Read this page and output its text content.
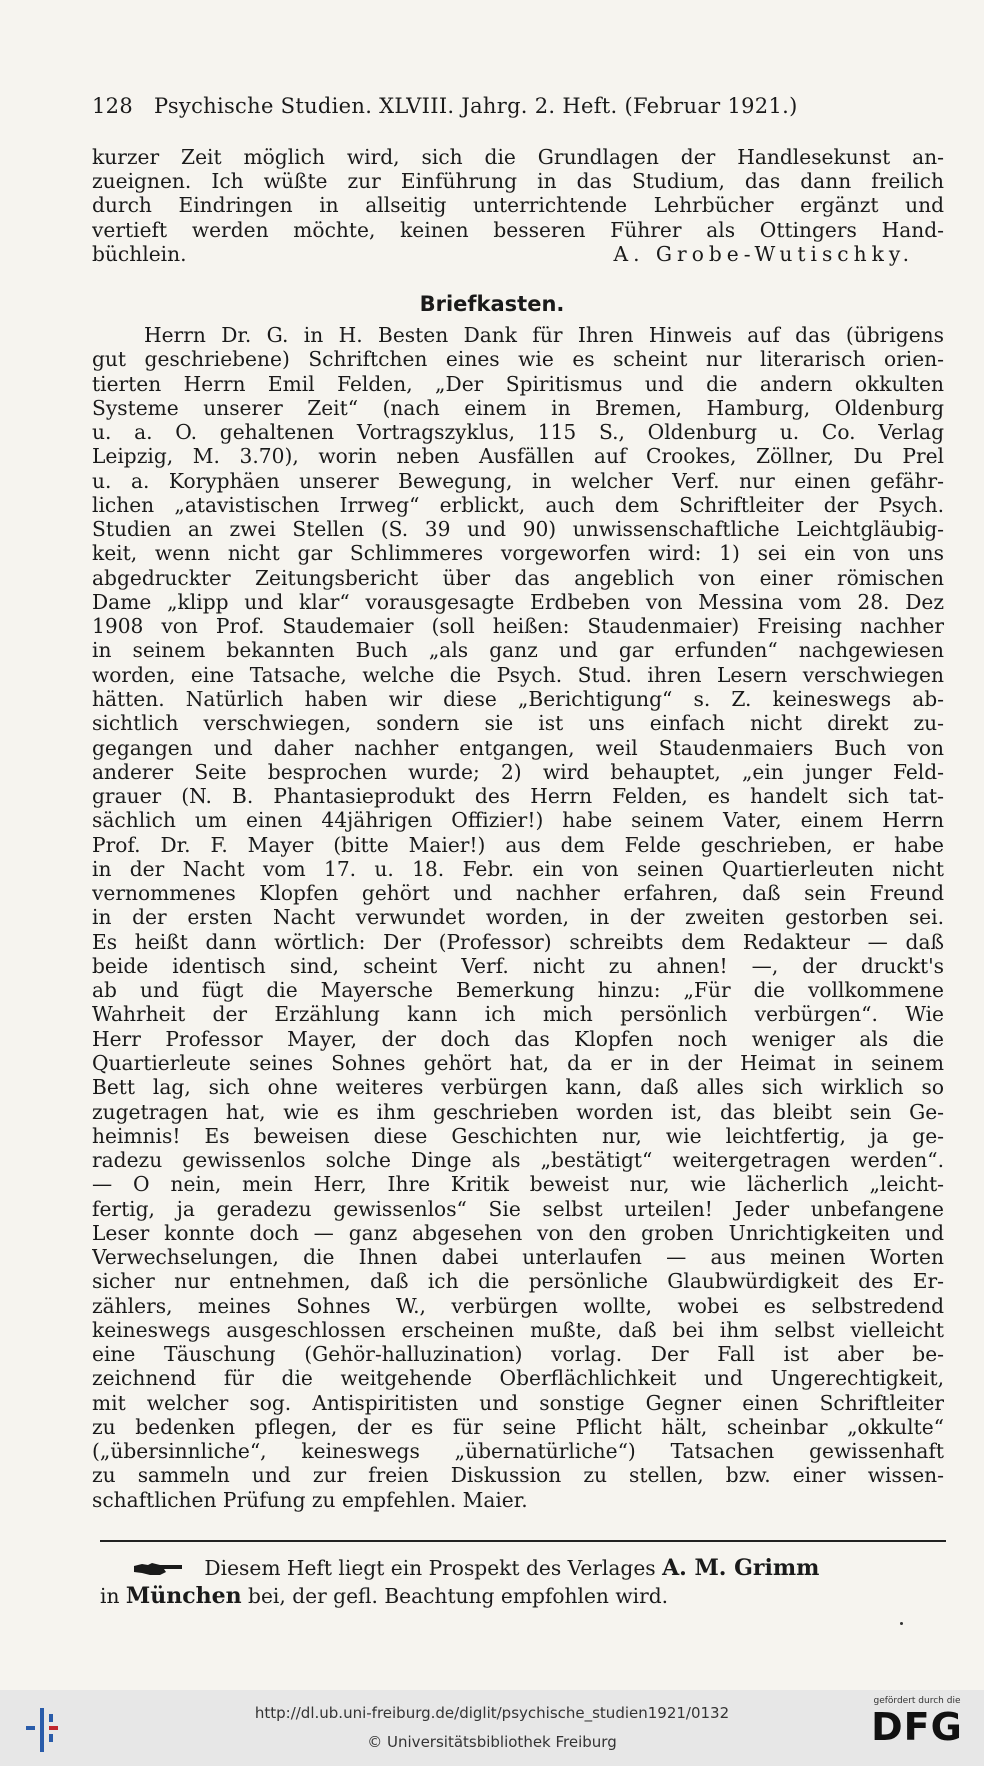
128 Psychische Studien. XLVIII. Jahrg. 2. Heft. (Februar 1921.)
kurzer Zeit möglich wird, sich die Grundlagen der Handlesekunst an-
zueignen. Ich wüßte zur Einführung in das Studium, das dann freilich
durch Eindringen in allseitig unterrichtende Lehrbücher ergänzt und
vertieft werden möchte, keinen besseren Führer als Ottingers Hand-
büchlein.	A. Grobe-Wutischky.
Briefkasten.
Herrn Dr. G. in H. Besten Dank für Ihren Hinweis auf das (übrigens
gut geschriebene) Schriftchen eines wie es scheint nur literarisch orien-
tierten Herrn Emil Felden, „Der Spiritismus und die andern okkulten
Systeme unserer Zeit“ (nach einem in Bremen, Hamburg, Oldenburg
u. a. O. gehaltenen Vortragszyklus, 115 S., Oldenburg u. Co. Verlag
Leipzig, M. 3.70), worin neben Ausfällen auf Crookes, Zöllner, Du Prel
u. a. Koryphäen unserer Bewegung, in welcher Verf. nur einen gefähr-
lichen „atavistischen Irrweg“ erblickt, auch dem Schriftleiter der Psych.
Studien an zwei Stellen (S. 39 und 90) unwissenschaftliche Leichtgläubig-
keit, wenn nicht gar Schlimmeres vorgeworfen wird: 1) sei ein von uns
abgedruckter Zeitungsbericht über das angeblich von einer römischen
Dame „klipp und klar“ vorausgesagte Erdbeben von Messina vom 28. Dez
1908 von Prof. Staudemaier (soll heißen: Staudenmaier) Freising nachher
in seinem bekannten Buch „als ganz und gar erfunden“ nachgewiesen
worden, eine Tatsache, welche die Psych. Stud. ihren Lesern verschwiegen
hätten. Natürlich haben wir diese „Berichtigung“ s. Z. keineswegs ab-
sichtlich verschwiegen, sondern sie ist uns einfach nicht direkt zu-
gegangen und daher nachher entgangen, weil Staudenmaiers Buch von
anderer Seite besprochen wurde; 2) wird behauptet, „ein junger Feld-
grauer (N. B. Phantasieprodukt des Herrn Felden, es handelt sich tat-
sächlich um einen 44jährigen Offizier!) habe seinem Vater, einem Herrn
Prof. Dr. F. Mayer (bitte Maier!) aus dem Felde geschrieben, er habe
in der Nacht vom 17. u. 18. Febr. ein von seinen Quartierleuten nicht
vernommenes Klopfen gehört und nachher erfahren, daß sein Freund
in der ersten Nacht verwundet worden, in der zweiten gestorben sei.
Es heißt dann wörtlich: Der (Professor) schreibts dem Redakteur — daß
beide identisch sind, scheint Verf. nicht zu ahnen! —, der druckt's
ab und fügt die Mayersche Bemerkung hinzu: „Für die vollkommene
Wahrheit der Erzählung kann ich mich persönlich verbürgen“. Wie
Herr Professor Mayer, der doch das Klopfen noch weniger als die
Quartierleute seines Sohnes gehört hat, da er in der Heimat in seinem
Bett lag, sich ohne weiteres verbürgen kann, daß alles sich wirklich so
zugetragen hat, wie es ihm geschrieben worden ist, das bleibt sein Ge-
heimnis! Es beweisen diese Geschichten nur, wie leichtfertig, ja ge-
radezu gewissenlos solche Dinge als „bestätigt“ weitergetragen werden“.
— O nein, mein Herr, Ihre Kritik beweist nur, wie lächerlich „leicht-
fertig, ja geradezu gewissenlos“ Sie selbst urteilen! Jeder unbefangene
Leser konnte doch — ganz abgesehen von den groben Unrichtigkeiten und
Verwechselungen, die Ihnen dabei unterlaufen — aus meinen Worten
sicher nur entnehmen, daß ich die persönliche Glaubwürdigkeit des Er-
zählers, meines Sohnes W., verbürgen wollte, wobei es selbstredend
keineswegs ausgeschlossen erscheinen mußte, daß bei ihm selbst vielleicht
eine Täuschung (Gehör-halluzination) vorlag. Der Fall ist aber be-
zeichnend für die weitgehende Oberflächlichkeit und Ungerechtigkeit,
mit welcher sog. Antispiritisten und sonstige Gegner einen Schriftleiter
zu bedenken pflegen, der es für seine Pflicht hält, scheinbar „okkulte“
(„übersinnliche“, keineswegs „übernatürliche“) Tatsachen gewissenhaft
zu sammeln und zur freien Diskussion zu stellen, bzw. einer wissen-
schaftlichen Prüfung zu empfehlen. Maier.
Diesem Heft liegt ein Prospekt des Verlages A. M. Grimm
in München bei, der gefl. Beachtung empfohlen wird.
http://dl.ub.uni-freiburg.de/diglit/psychische_studien1921/0132
© Universitätsbibliothek Freiburg
gefördert durch die
DFG
